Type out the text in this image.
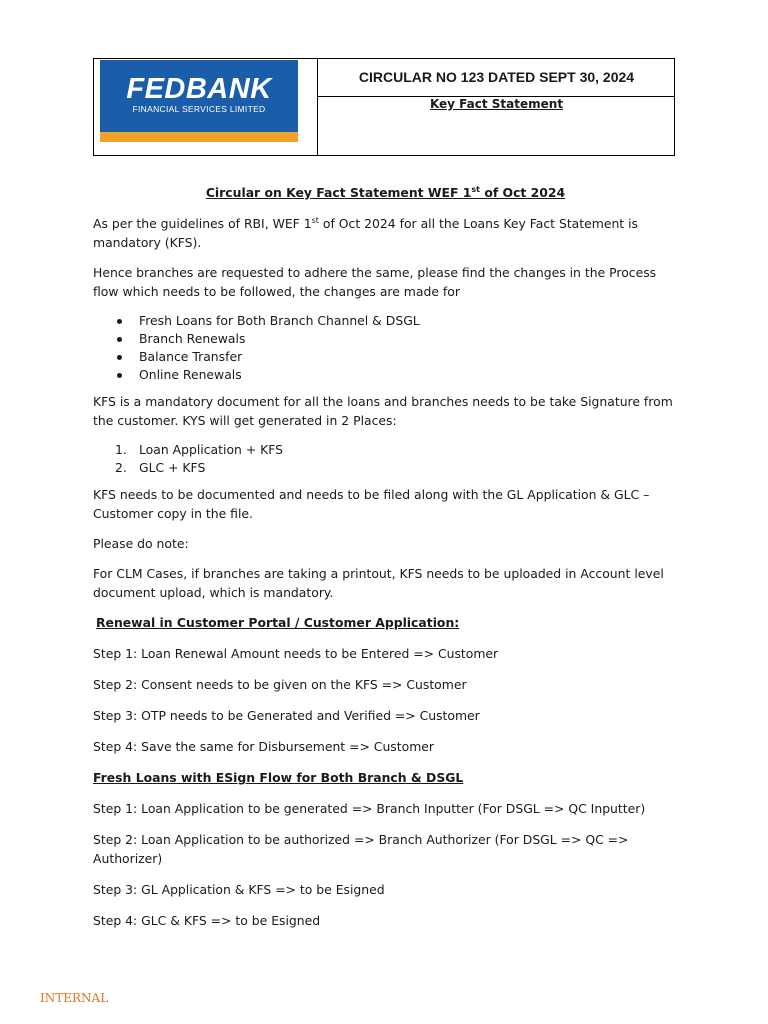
FEDBANK
FINANCIAL SERVICES LIMITED
CIRCULAR NO 123 DATED SEPT 30, 2024
Key Fact Statement

Circular on Key Fact Statement WEF 1st of Oct 2024

As per the guidelines of RBI, WEF 1st of Oct 2024 for all the Loans Key Fact Statement is mandatory (KFS).

Hence branches are requested to adhere the same, please find the changes in the Process flow which needs to be followed, the changes are made for

Fresh Loans for Both Branch Channel & DSGL
Branch Renewals
Balance Transfer
Online Renewals

KFS is a mandatory document for all the loans and branches needs to be take Signature from the customer. KYS will get generated in 2 Places:

1. Loan Application + KFS
2. GLC + KFS

KFS needs to be documented and needs to be filed along with the GL Application & GLC – Customer copy in the file.

Please do note:

For CLM Cases, if branches are taking a printout, KFS needs to be uploaded in Account level document upload, which is mandatory.

Renewal in Customer Portal / Customer Application:

Step 1: Loan Renewal Amount needs to be Entered => Customer

Step 2: Consent needs to be given on the KFS => Customer

Step 3: OTP needs to be Generated and Verified => Customer

Step 4: Save the same for Disbursement => Customer

Fresh Loans with ESign Flow for Both Branch & DSGL

Step 1: Loan Application to be generated => Branch Inputter (For DSGL => QC Inputter)

Step 2: Loan Application to be authorized => Branch Authorizer (For DSGL => QC => Authorizer)

Step 3: GL Application & KFS => to be Esigned

Step 4: GLC & KFS => to be Esigned

INTERNAL
